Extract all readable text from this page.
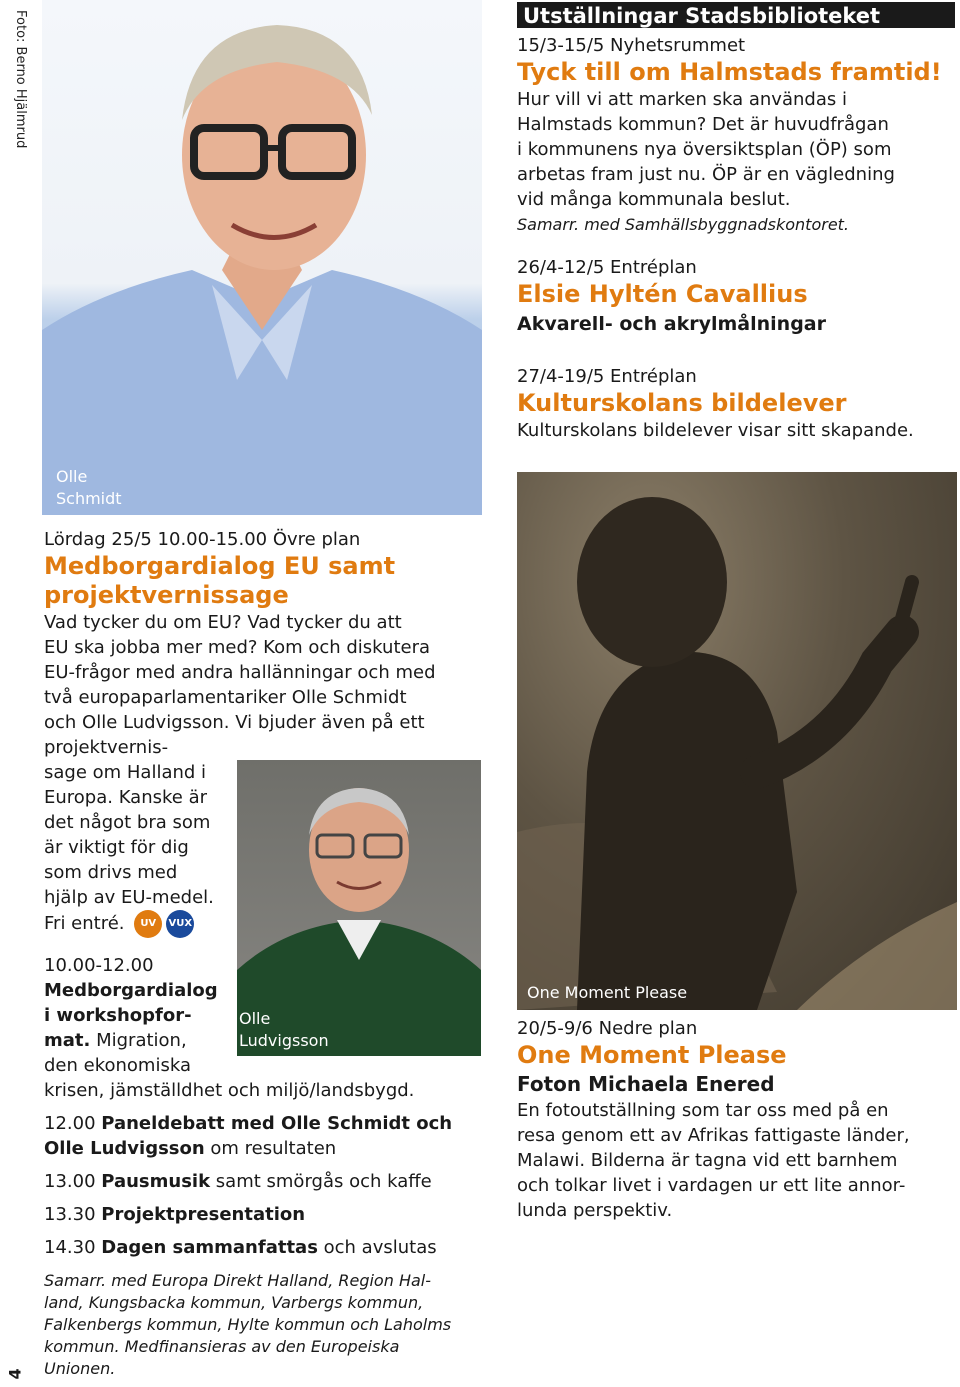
Foto: Berno Hjälmrud
4
Olle
Schmidt
Utställningar Stadsbiblioteket
15/3-15/5 Nyhetsrummet
Tyck till om Halmstads framtid!
Hur vill vi att marken ska användas i
Halmstads kommun? Det är huvudfrågan
i kommunens nya översiktsplan (ÖP) som
arbetas fram just nu. ÖP är en vägledning
vid många kommunala beslut.
Samarr. med Samhällsbyggnadskontoret.
26/4-12/5 Entréplan
Elsie Hyltén Cavallius
Akvarell- och akrylmålningar
27/4-19/5 Entréplan
Kulturskolans bildelever
Kulturskolans bildelever visar sitt skapande.
One Moment Please
20/5-9/6 Nedre plan
One Moment Please
Foton Michaela Enered
En fotoutställning som tar oss med på en
resa genom ett av Afrikas fattigaste länder,
Malawi. Bilderna är tagna vid ett barnhem
och tolkar livet i vardagen ur ett lite annor-
lunda perspektiv.
Lördag 25/5 10.00-15.00 Övre plan
Medborgardialog EU samt
projektvernissage
Vad tycker du om EU? Vad tycker du att
EU ska jobba mer med? Kom och diskutera
EU-frågor med andra hallänningar och med
två europaparlamentariker Olle Schmidt
och Olle Ludvigsson. Vi bjuder även på ett
projektvernis-
sage om Halland i
Europa. Kanske är
det något bra som
är viktigt för dig
som drivs med
hjälp av EU-medel.
Fri entré. UV VUX
Olle
Ludvigsson
10.00-12.00
Medborgardialog
i workshopfor-
mat. Migration,
den ekonomiska
krisen, jämställdhet och miljö/landsbygd.
12.00 Paneldebatt med Olle Schmidt och
Olle Ludvigsson om resultaten
13.00 Pausmusik samt smörgås och kaffe
13.30 Projektpresentation
14.30 Dagen sammanfattas och avslutas
Samarr. med Europa Direkt Halland, Region Hal-
land, Kungsbacka kommun, Varbergs kommun,
Falkenbergs kommun, Hylte kommun och Laholms
kommun. Medfinansieras av den Europeiska
Unionen.
